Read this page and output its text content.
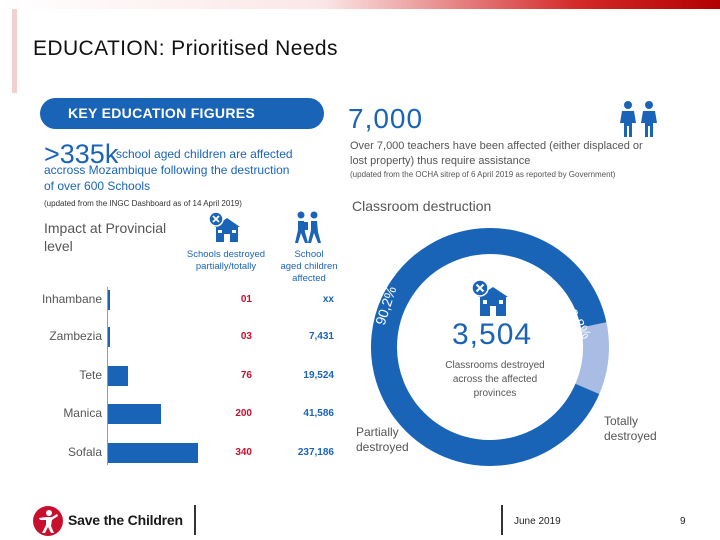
EDUCATION: Prioritised Needs
KEY EDUCATION FIGURES
>335k
school aged children are affected
accross Mozambique following the destruction
of over 600 Schools
(updated from the INGC Dashboard as of 14 April 2019)
Impact at Provincial
level
Schools destroyed
partially/totally
School
aged children
affected
Inhambane	01	xx
Zambezia	03	7,431
Tete	76	19,524
Manica	200	41,586
Sofala	340	237,186
7,000
Over 7,000 teachers have been affected (either displaced or
lost property) thus require assistance
(updated from the OCHA sitrep of 6 April 2019 as reported by Government)
Classroom destruction
3,504
Classrooms destroyed across the affected provinces
90,2%	9,8%
Partially
destroyed
Totally
destroyed
Save the Children	June 2019	9
